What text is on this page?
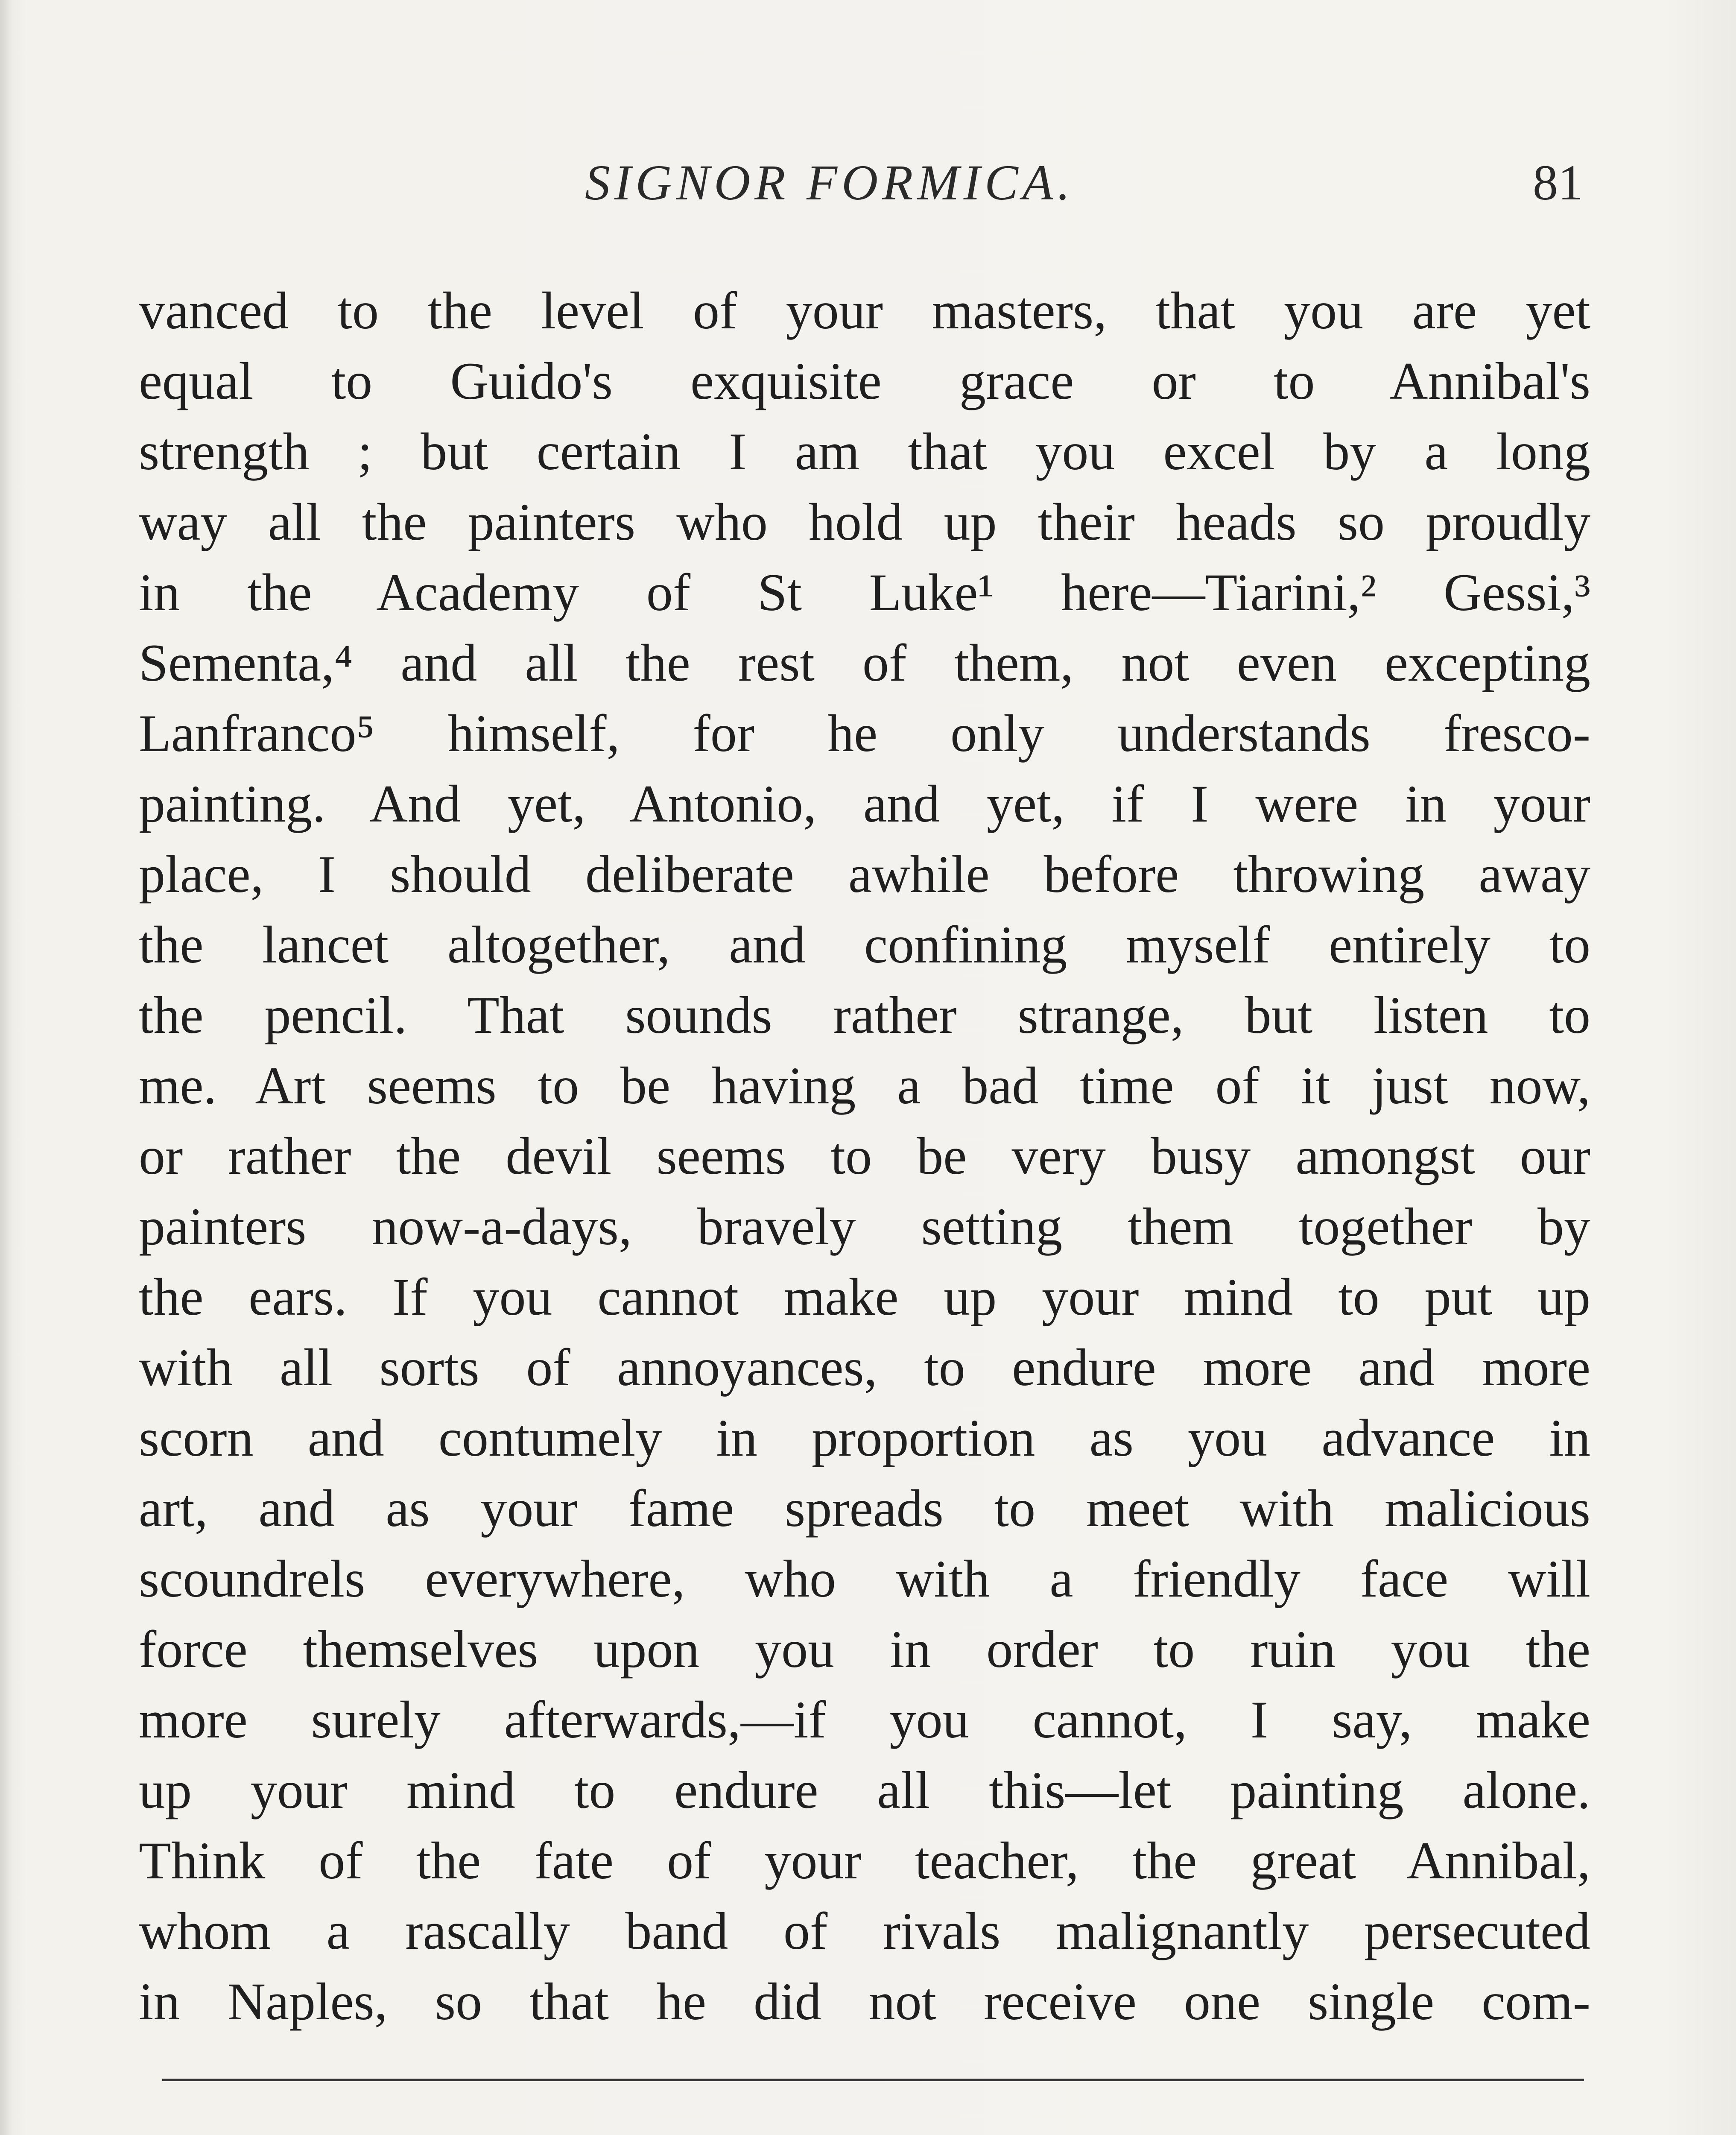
SIGNOR FORMICA.	81
vanced to the level of your masters, that you are yet
equal to Guido's exquisite grace or to Annibal's
strength ; but certain I am that you excel by a long
way all the painters who hold up their heads so proudly
in the Academy of St Luke¹ here—Tiarini,² Gessi,³
Sementa,⁴ and all the rest of them, not even excepting
Lanfranco⁵ himself, for he only understands fresco-
painting. And yet, Antonio, and yet, if I were in your
place, I should deliberate awhile before throwing away
the lancet altogether, and confining myself entirely to
the pencil. That sounds rather strange, but listen to
me. Art seems to be having a bad time of it just now,
or rather the devil seems to be very busy amongst our
painters now-a-days, bravely setting them together by
the ears. If you cannot make up your mind to put up
with all sorts of annoyances, to endure more and more
scorn and contumely in proportion as you advance in
art, and as your fame spreads to meet with malicious
scoundrels everywhere, who with a friendly face will
force themselves upon you in order to ruin you the
more surely afterwards,—if you cannot, I say, make
up your mind to endure all this—let painting alone.
Think of the fate of your teacher, the great Annibal,
whom a rascally band of rivals malignantly persecuted
in Naples, so that he did not receive one single com-
